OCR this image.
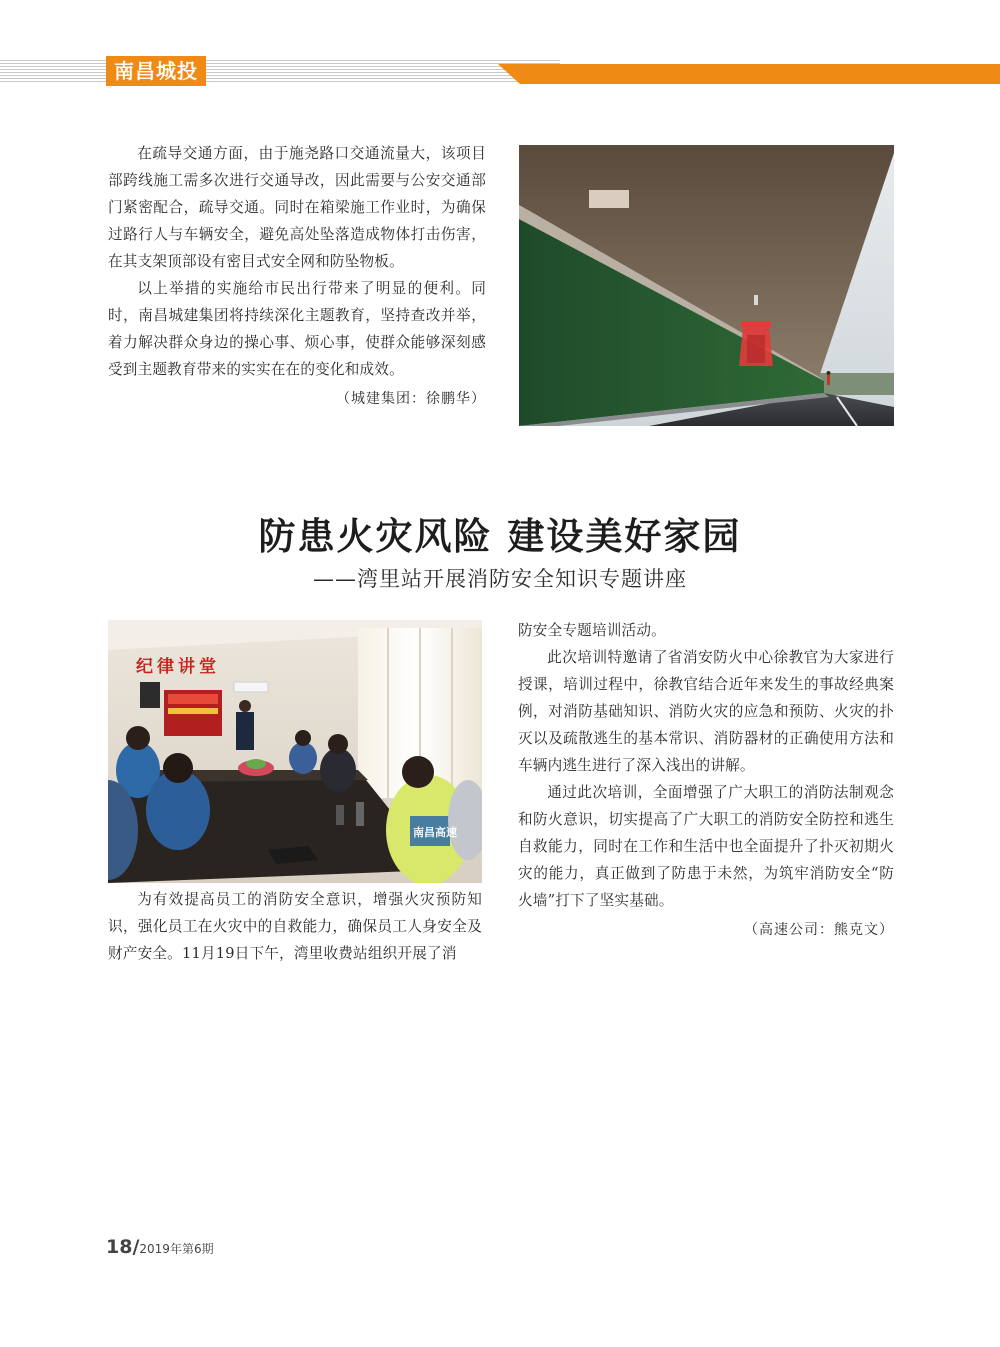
南昌城投

在疏导交通方面，由于施尧路口交通流量大，该项目部跨线施工需多次进行交通导改，因此需要与公安交通部门紧密配合，疏导交通。同时在箱梁施工作业时，为确保过路行人与车辆安全，避免高处坠落造成物体打击伤害，在其支架顶部设有密目式安全网和防坠物板。

以上举措的实施给市民出行带来了明显的便利。同时，南昌城建集团将持续深化主题教育，坚持查改并举，着力解决群众身边的操心事、烦心事，使群众能够深刻感受到主题教育带来的实实在在的变化和成效。

（城建集团：徐鹏华）

防患火灾风险 建设美好家园
——湾里站开展消防安全知识专题讲座
纪律讲堂
南昌高速

为有效提高员工的消防安全意识，增强火灾预防知识，强化员工在火灾中的自救能力，确保员工人身安全及财产安全。11月19日下午，湾里收费站组织开展了消

防安全专题培训活动。

此次培训特邀请了省消安防火中心徐教官为大家进行授课，培训过程中，徐教官结合近年来发生的事故经典案例，对消防基础知识、消防火灾的应急和预防、火灾的扑灭以及疏散逃生的基本常识、消防器材的正确使用方法和车辆内逃生进行了深入浅出的讲解。

通过此次培训，全面增强了广大职工的消防法制观念和防火意识，切实提高了广大职工的消防安全防控和逃生自救能力，同时在工作和生活中也全面提升了扑灭初期火灾的能力，真正做到了防患于未然，为筑牢消防安全“防火墙”打下了坚实基础。

（高速公司：熊克文）

18/2019年第6期
